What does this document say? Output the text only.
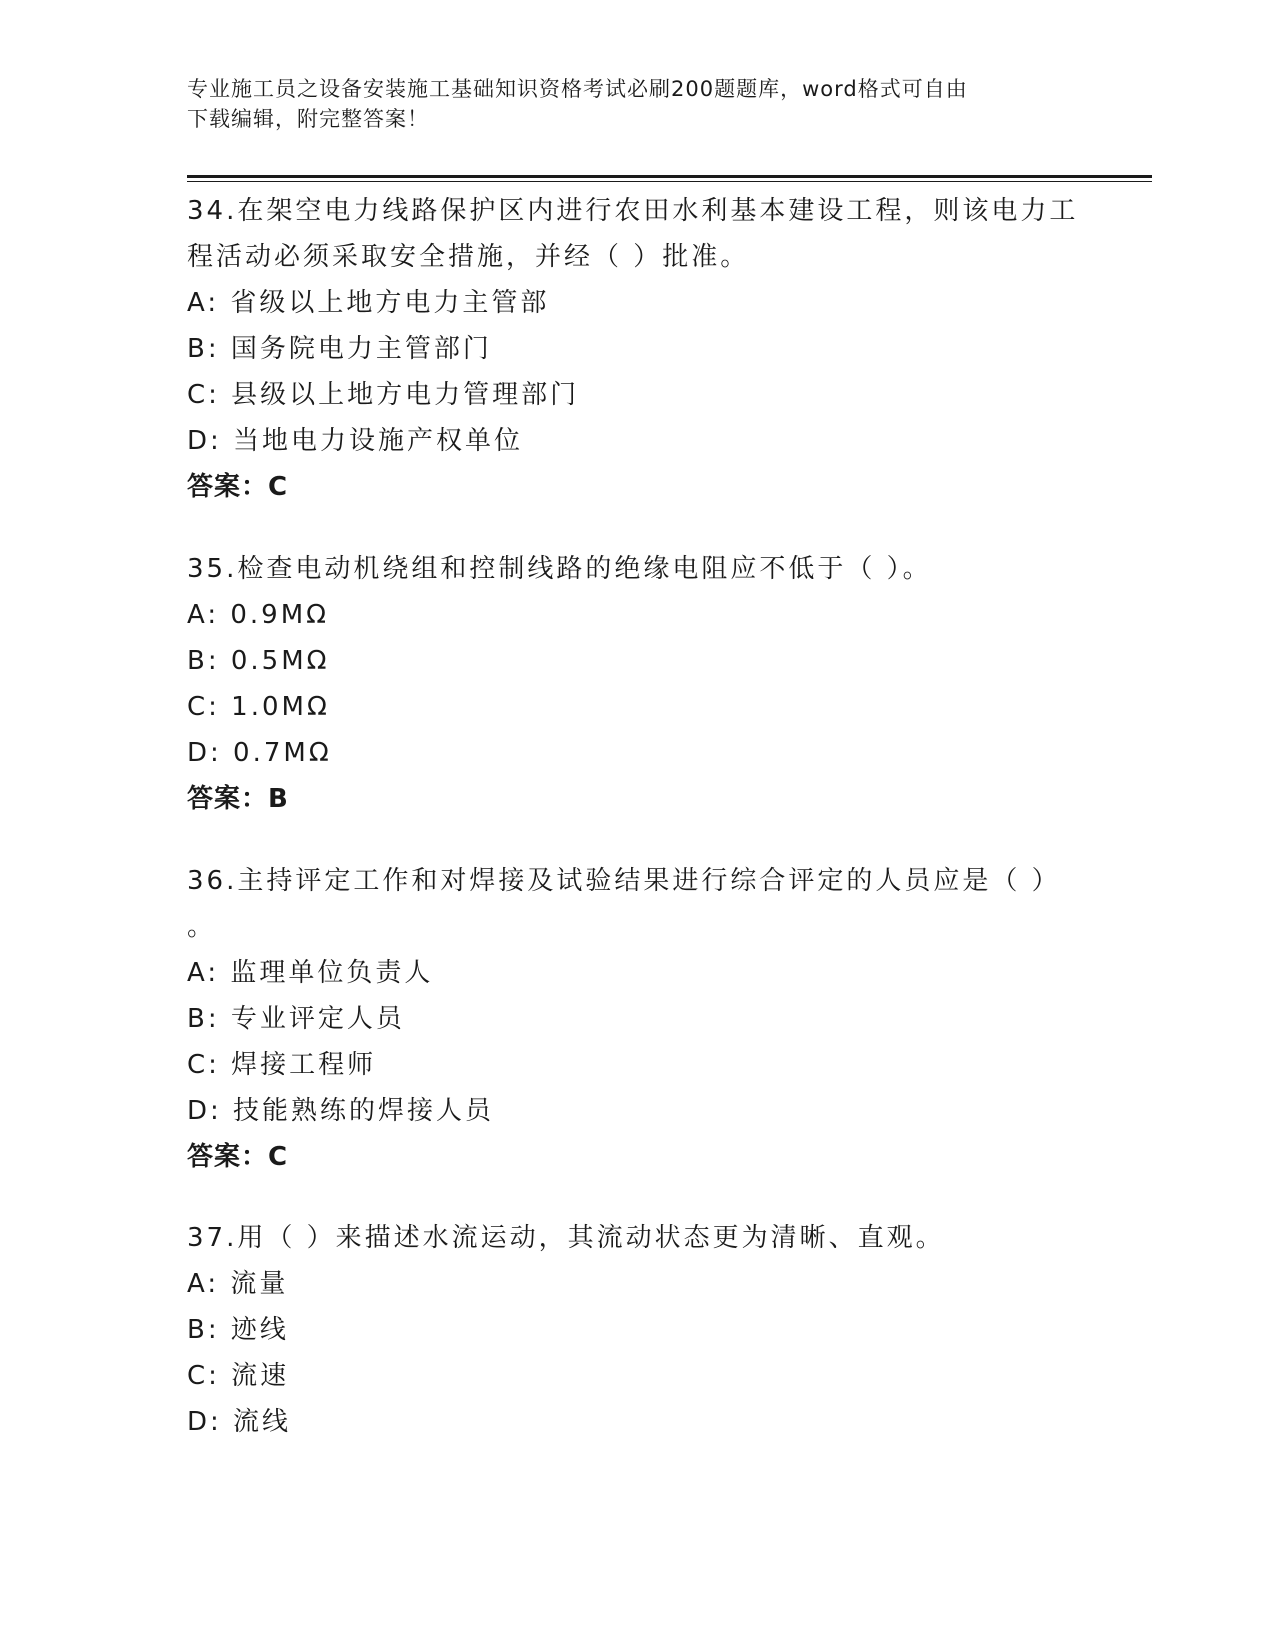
专业施工员之设备安装施工基础知识资格考试必刷200题题库，word格式可自由
下载编辑，附完整答案！
34.在架空电力线路保护区内进行农田水利基本建设工程，则该电力工
程活动必须采取安全措施，并经（ ）批准。
A: 省级以上地方电力主管部
B: 国务院电力主管部门
C: 县级以上地方电力管理部门
D: 当地电力设施产权单位
答案：C
35.检查电动机绕组和控制线路的绝缘电阻应不低于（ ）。
A: 0.9MΩ
B: 0.5MΩ
C: 1.0MΩ
D: 0.7MΩ
答案：B
36.主持评定工作和对焊接及试验结果进行综合评定的人员应是（ ）
。
A: 监理单位负责人
B: 专业评定人员
C: 焊接工程师
D: 技能熟练的焊接人员
答案：C
37.用（ ）来描述水流运动，其流动状态更为清晰、直观。
A: 流量
B: 迹线
C: 流速
D: 流线
